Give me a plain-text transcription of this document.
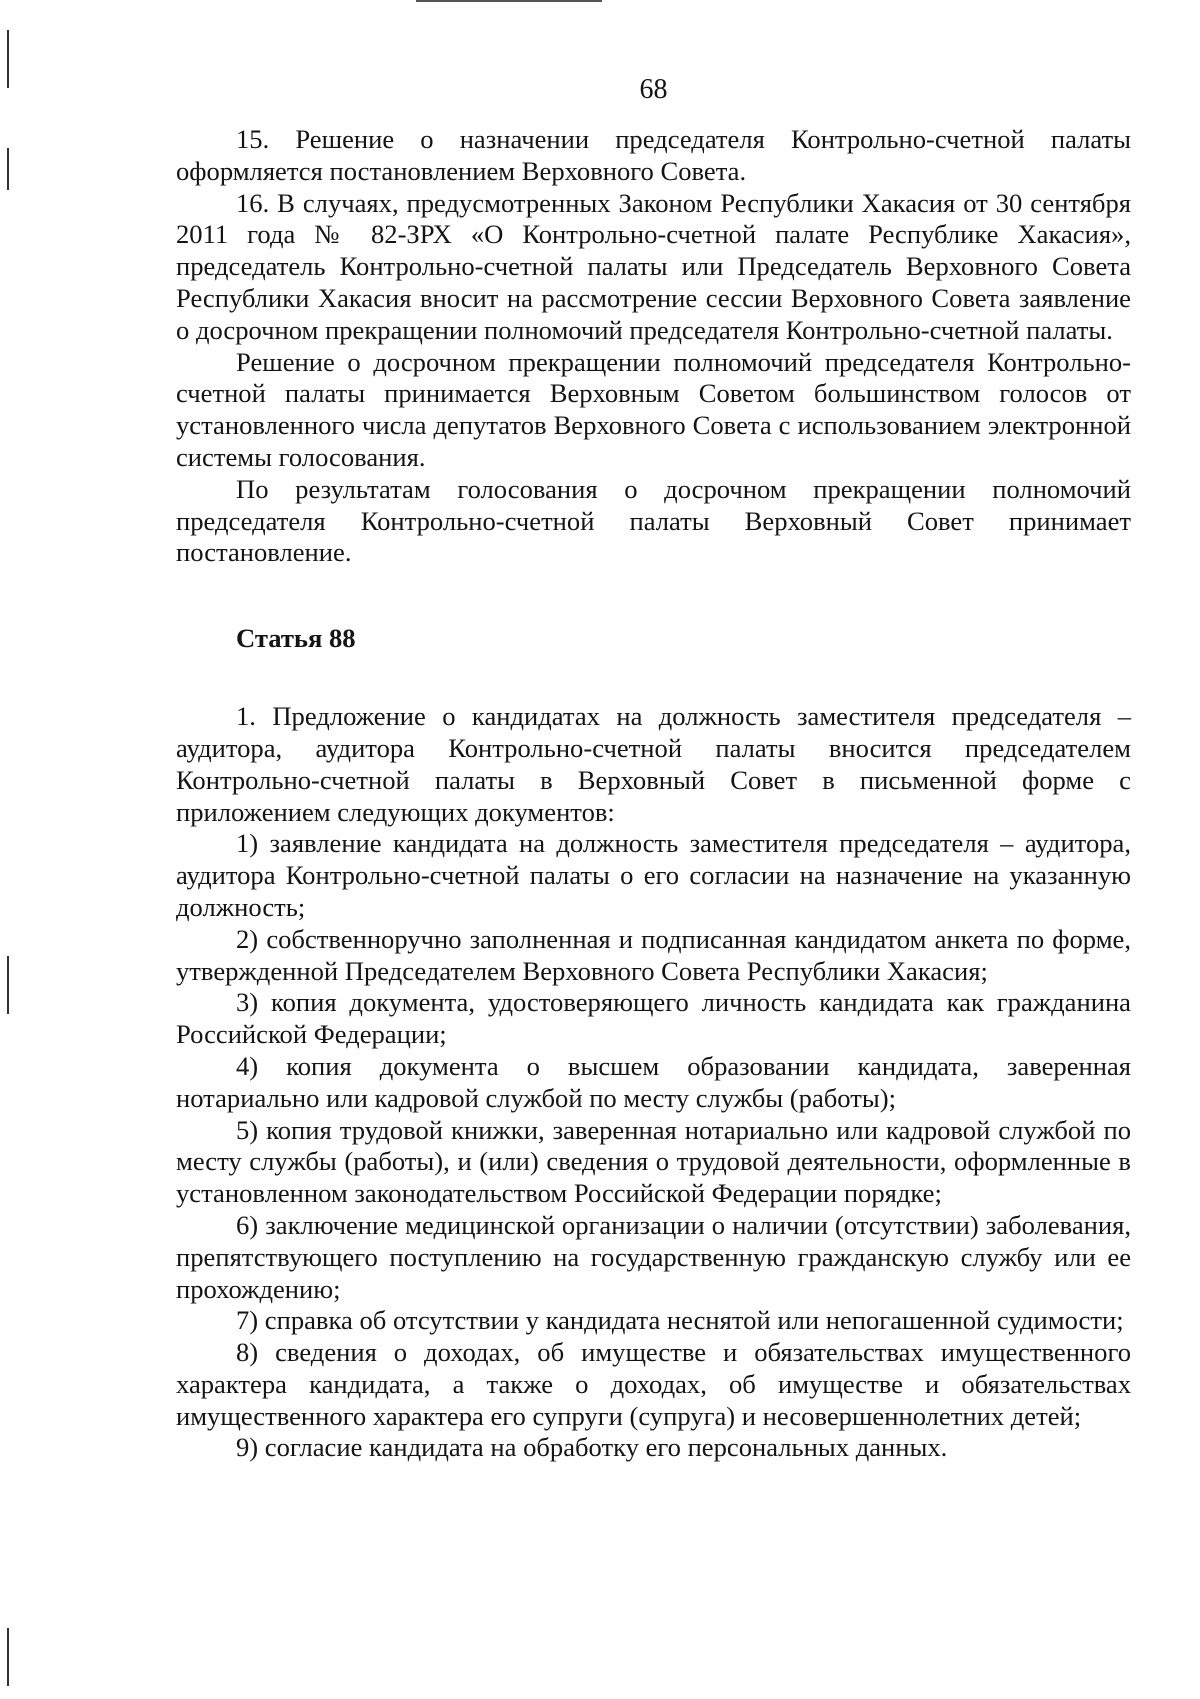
68

15. Решение о назначении председателя Контрольно-счетной палаты оформляется постановлением Верховного Совета.

16. В случаях, предусмотренных Законом Республики Хакасия от 30 сентября 2011 года № 82-ЗРХ «О Контрольно-счетной палате Республике Хакасия», председатель Контрольно-счетной палаты или Председатель Верховного Совета Республики Хакасия вносит на рассмотрение сессии Верховного Совета заявление о досрочном прекращении полномочий председателя Контрольно-счетной палаты.

Решение о досрочном прекращении полномочий председателя Контрольно-счетной палаты принимается Верховным Советом большинством голосов от установленного числа депутатов Верховного Совета с использованием электронной системы голосования.

По результатам голосования о досрочном прекращении полномочий председателя Контрольно-счетной палаты Верховный Совет принимает постановление.

Статья 88

1. Предложение о кандидатах на должность заместителя председателя – аудитора, аудитора Контрольно-счетной палаты вносится председателем Контрольно-счетной палаты в Верховный Совет в письменной форме с приложением следующих документов:

1) заявление кандидата на должность заместителя председателя – аудитора, аудитора Контрольно-счетной палаты о его согласии на назначение на указанную должность;

2) собственноручно заполненная и подписанная кандидатом анкета по форме, утвержденной Председателем Верховного Совета Республики Хакасия;

3) копия документа, удостоверяющего личность кандидата как гражданина Российской Федерации;

4) копия документа о высшем образовании кандидата, заверенная нотариально или кадровой службой по месту службы (работы);

5) копия трудовой книжки, заверенная нотариально или кадровой службой по месту службы (работы), и (или) сведения о трудовой деятельности, оформленные в установленном законодательством Российской Федерации порядке;

6) заключение медицинской организации о наличии (отсутствии) заболевания, препятствующего поступлению на государственную гражданскую службу или ее прохождению;

7) справка об отсутствии у кандидата неснятой или непогашенной судимости;

8) сведения о доходах, об имуществе и обязательствах имущественного характера кандидата, а также о доходах, об имуществе и обязательствах имущественного характера его супруги (супруга) и несовершеннолетних детей;

9) согласие кандидата на обработку его персональных данных.
